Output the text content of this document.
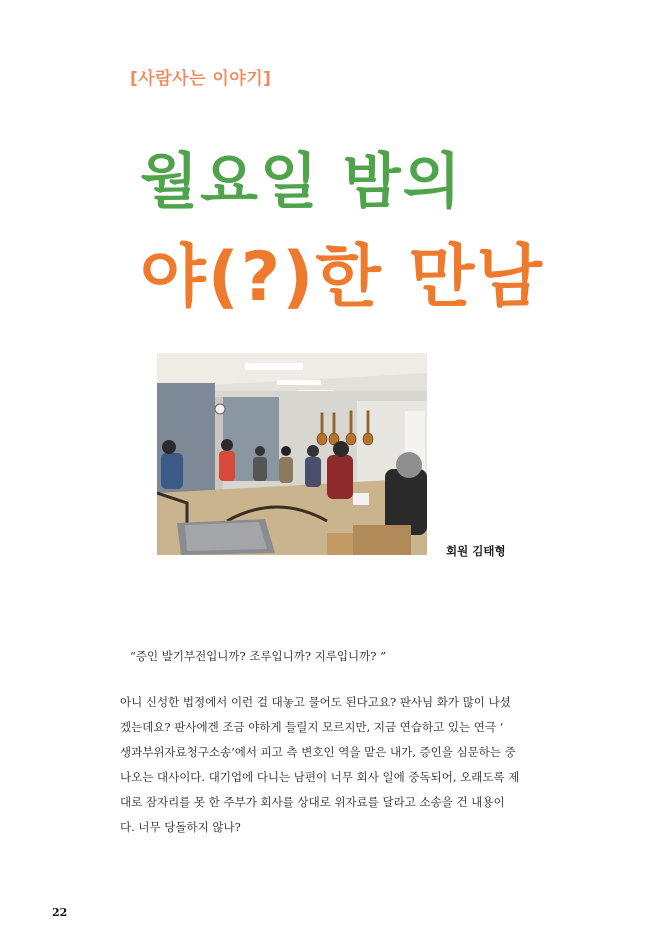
[사람사는 이야기]
월요일 밤의
야(?)한 만남
회원 김태형
“증인 발기부전입니까? 조루입니까? 지루입니까? ”
아니 신성한 법정에서 이런 걸 대놓고 물어도 된다고요? 판사님 화가 많이 나셨
겠는데요? 판사에겐 조금 야하게 들릴지 모르지만, 지금 연습하고 있는 연극 ‘
생과부위자료청구소송’에서 피고 측 변호인 역을 맡은 내가, 증인을 심문하는 중
나오는 대사이다. 대기업에 다니는 남편이 너무 회사 일에 중독되어, 오래도록 제
대로 잠자리를 못 한 주부가 회사를 상대로 위자료를 달라고 소송을 건 내용이
다. 너무 당돌하지 않나?
22
